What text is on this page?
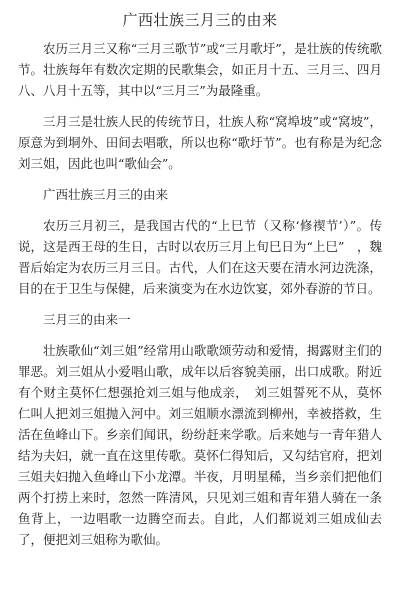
广西壮族三月三的由来

农历三月三又称“三月三歌节”或“三月歌圩”，是壮族的传统歌节。壮族每年有数次定期的民歌集会，如正月十五、三月三、四月八、八月十五等，其中以“三月三”为最隆重。

三月三是壮族人民的传统节日，壮族人称“窝埠坡”或“窝坡”，原意为到垌外、田间去唱歌，所以也称“歌圩节”。也有称是为纪念刘三姐，因此也叫“歌仙会”。

广西壮族三月三的由来

农历三月初三，是我国古代的“上巳节（又称‘修禊节’）”。传说，这是西王母的生日，古时以农历三月上旬巳日为“上巳”　，魏晋后始定为农历三月三日。古代，人们在这天要在清水河边洗涤，目的在于卫生与保健，后来演变为在水边饮宴，郊外春游的节日。

三月三的由来一

壮族歌仙“刘三姐”经常用山歌歌颂劳动和爱情，揭露财主们的罪恶。刘三姐从小爱唱山歌，成年以后容貌美丽，出口成歌。附近有个财主莫怀仁想强抢刘三姐与他成亲，　刘三姐誓死不从，莫怀仁叫人把刘三姐抛入河中。刘三姐顺水漂流到柳州，幸被搭救，生活在鱼峰山下。乡亲们闻讯，纷纷赶来学歌。后来她与一青年猎人结为夫妇，就一直在这里传歌。莫怀仁得知后，又勾结官府，把刘三姐夫妇抛入鱼峰山下小龙潭。半夜，月明星稀，当乡亲们把他们两个打捞上来时，忽然一阵清风，只见刘三姐和青年猎人骑在一条鱼背上，一边唱歌一边腾空而去。自此，人们都说刘三姐成仙去了，便把刘三姐称为歌仙。
